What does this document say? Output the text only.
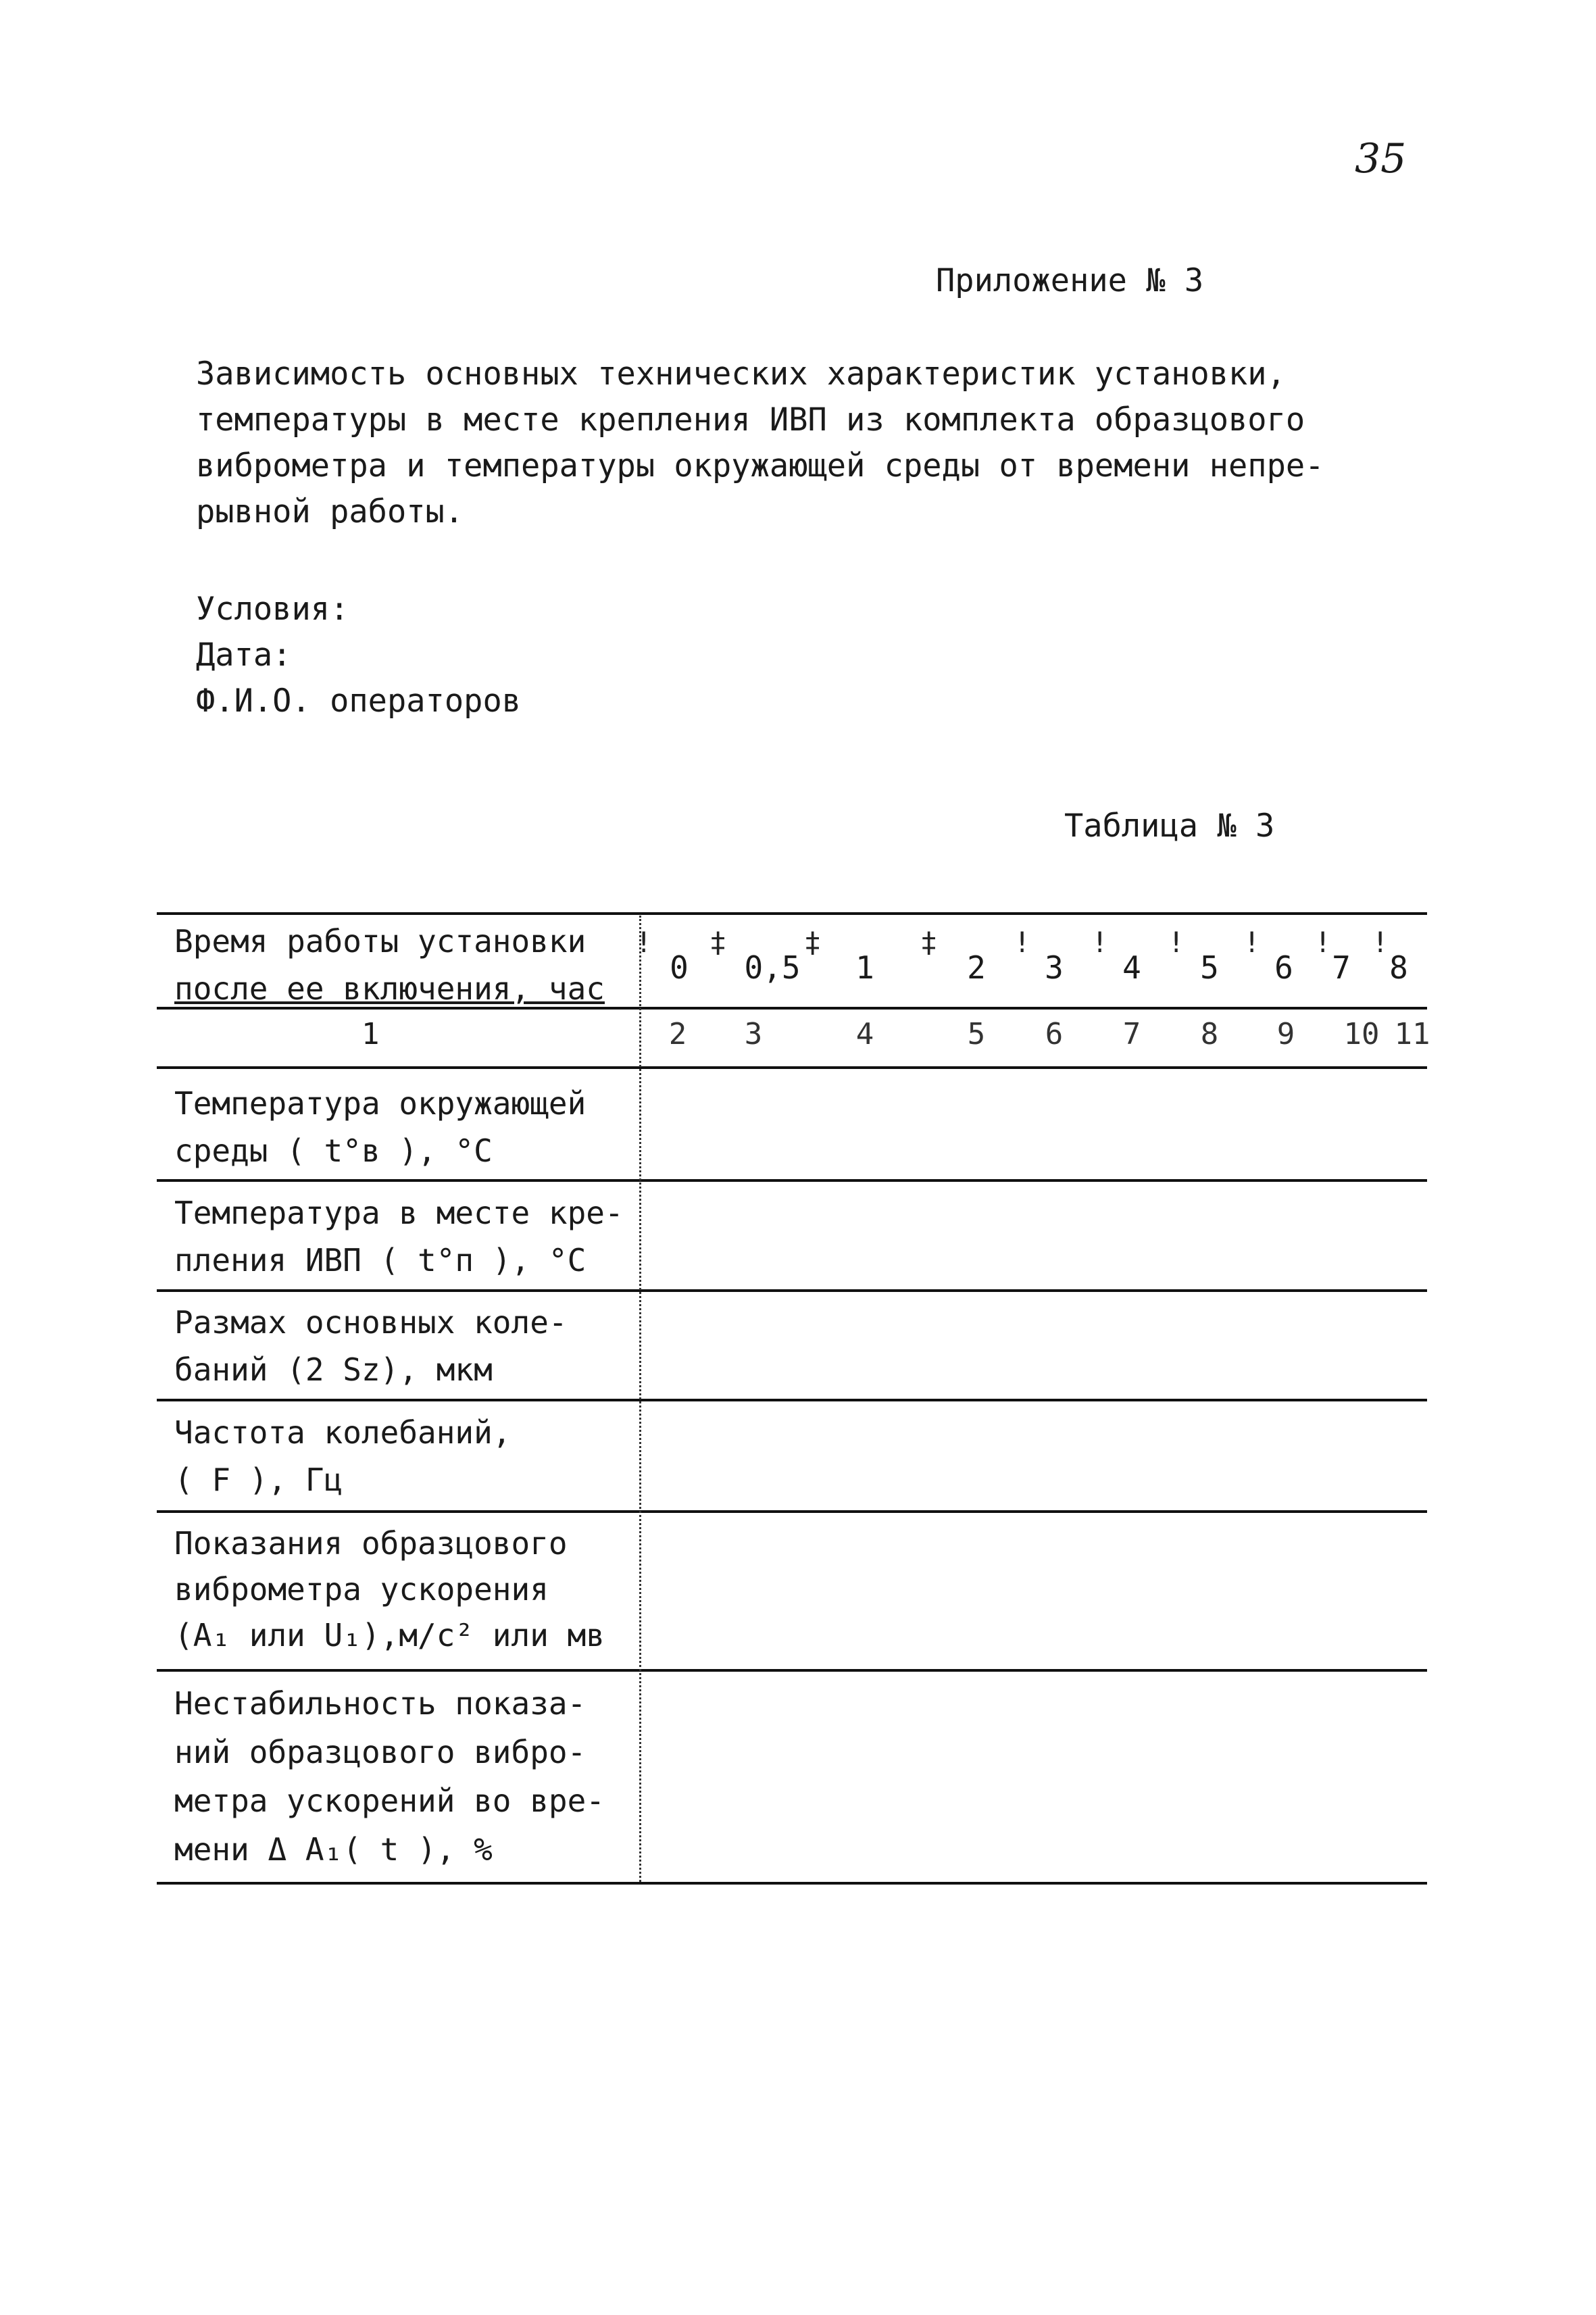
35
Приложение № 3
Зависимость основных технических характеристик установки,
температуры в месте крепления ИВП из комплекта образцового
виброметра и температуры окружающей среды от времени непре-
рывной работы.
Условия:
Дата:
Ф.И.О. операторов
Таблица № 3
Время работы установки
после ее включения, час
0	0,5	1	2	3	4	5	6	7	8
! ‡	‡	‡	! ! ! ! ! !
1	2	3	4	5	6	7	8	9	10 11
Температура окружающей
среды ( t°в ), °C
Температура в месте кре-
пления ИВП ( t°п ), °C
Размах основных коле-
баний (2 Sz), мкм
Частота колебаний,
( F ), Гц
Показания образцового
виброметра ускорения
(A₁ или U₁),м/c² или мв
Нестабильность показа-
ний образцового вибро-
метра ускорений во вре-
мени Δ A₁( t ), %
